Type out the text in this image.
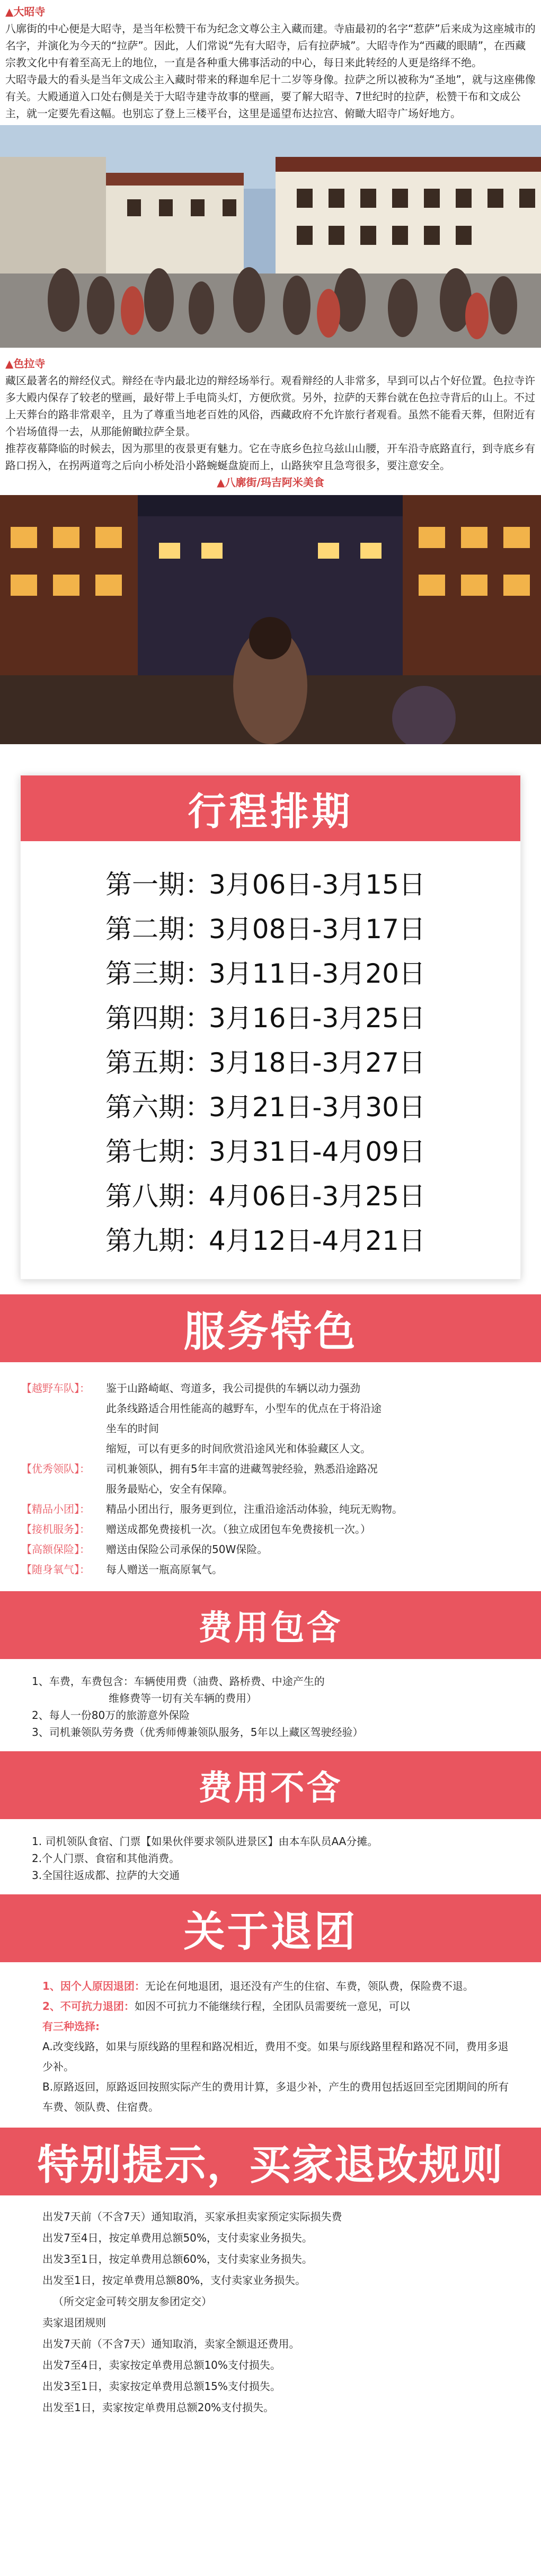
▲大昭寺
八廓街的中心便是大昭寺，是当年松赞干布为纪念文尊公主入藏而建。寺庙最初的名字“惹萨”后来成为这座城市的名字，并演化为今天的“拉萨”。因此，人们常说“先有大昭寺，后有拉萨城”。大昭寺作为“西藏的眼睛”，在西藏宗教文化中有着至高无上的地位，一直是各种重大佛事活动的中心，每日来此转经的人更是络绎不绝。
大昭寺最大的看头是当年文成公主入藏时带来的释迦牟尼十二岁等身像。拉萨之所以被称为“圣地”，就与这座佛像有关。大殿通道入口处右侧是关于大昭寺建寺故事的壁画，要了解大昭寺、7世纪时的拉萨，松赞干布和文成公主，就一定要先看这幅。也别忘了登上三楼平台，这里是遥望布达拉宫、俯瞰大昭寺广场好地方。
▲色拉寺
藏区最著名的辩经仪式。辩经在寺内最北边的辩经场举行。观看辩经的人非常多，早到可以占个好位置。色拉寺许多大殿内保存了较老的壁画，最好带上手电筒头灯，方便欣赏。另外，拉萨的天葬台就在色拉寺背后的山上。不过上天葬台的路非常艰辛，且为了尊重当地老百姓的风俗，西藏政府不允许旅行者观看。虽然不能看天葬，但附近有个岩场值得一去，从那能俯瞰拉萨全景。
推荐夜幕降临的时候去，因为那里的夜景更有魅力。它在寺底乡色拉乌兹山山腰，开车沿寺底路直行，到寺底乡有路口拐入，在拐两道弯之后向小桥处沿小路蜿蜒盘旋而上，山路狭窄且急弯很多，要注意安全。
▲八廓街/玛吉阿米美食
行程排期
第一期：3月06日-3月15日
第二期：3月08日-3月17日
第三期：3月11日-3月20日
第四期：3月16日-3月25日
第五期：3月18日-3月27日
第六期：3月21日-3月30日
第七期：3月31日-4月09日
第八期：4月06日-3月25日
第九期：4月12日-4月21日
服务特色
【越野车队】：	鉴于山路崎岖、弯道多，我公司提供的车辆以动力强劲
此条线路适合用性能高的越野车，小型车的优点在于将沿途
坐车的时间
缩短，可以有更多的时间欣赏沿途风光和体验藏区人文。
【优秀领队】：	司机兼领队，拥有5年丰富的进藏驾驶经验，熟悉沿途路况
服务最贴心，安全有保障。
【精品小团】：	精品小团出行，服务更到位，注重沿途活动体验，纯玩无购物。
【接机服务】：	赠送成都免费接机一次。（独立成团包车免费接机一次。）
【高额保险】：	赠送由保险公司承保的50W保险。
【随身氧气】：	每人赠送一瓶高原氧气。
费用包含
1、车费，车费包含：车辆使用费（油费、路桥费、中途产生的
维修费等一切有关车辆的费用）
2、每人一份80万的旅游意外保险
3、司机兼领队劳务费（优秀师傅兼领队服务，5年以上藏区驾驶经验）
费用不含
1. 司机领队食宿、门票【如果伙伴要求领队进景区】由本车队员AA分摊。
2.个人门票、食宿和其他消费。
3.全国往返成都、拉萨的大交通
关于退团
1、因个人原因退团：无论在何地退团，退还没有产生的住宿、车费，领队费，保险费不退。
2、不可抗力退团：如因不可抗力不能继续行程，全团队员需要统一意见，可以
有三种选择:
A.改变线路，如果与原线路的里程和路况相近，费用不变。如果与原线路里程和路况不同，费用多退少补。
B.原路返回，原路返回按照实际产生的费用计算，多退少补，产生的费用包括返回至完团期间的所有车费、领队费、住宿费。
特别提示，买家退改规则
出发7天前（不含7天）通知取消，买家承担卖家预定实际损失费
出发7至4日，按定单费用总额50%，支付卖家业务损失。
出发3至1日，按定单费用总额60%，支付卖家业务损失。
出发至1日，按定单费用总额80%，支付卖家业务损失。
（所交定金可转交朋友参团定交）
卖家退团规则
出发7天前（不含7天）通知取消，卖家全额退还费用。
出发7至4日，卖家按定单费用总额10%支付损失。
出发3至1日，卖家按定单费用总额15%支付损失。
出发至1日，卖家按定单费用总额20%支付损失。
